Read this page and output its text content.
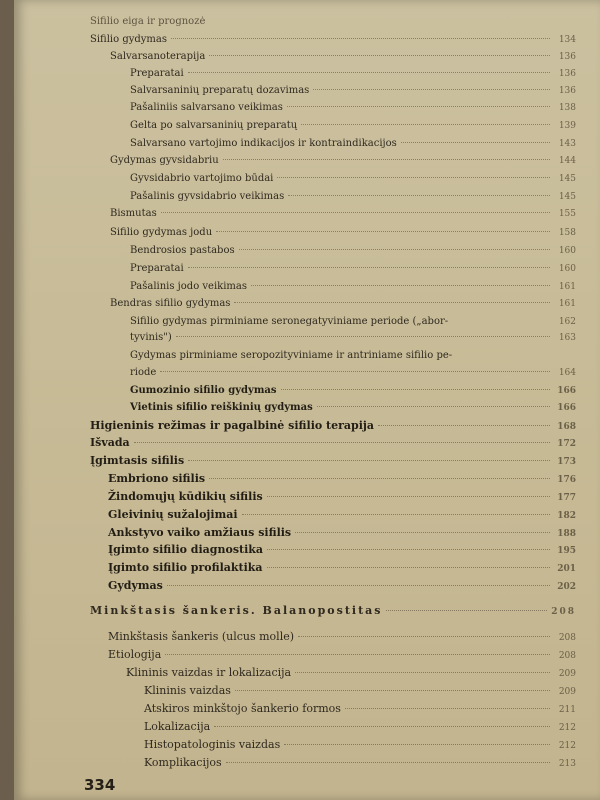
Sifilio eiga ir prognozė
Sifilio gydymas	134
Salvarsanoterapija	136
Preparatai	136
Salvarsaninių preparatų dozavimas	136
Pašaliniis salvarsano veikimas	138
Gelta po salvarsaninių preparatų	139
Salvarsano vartojimo indikacijos ir kontraindikacijos	143
Gydymas gyvsidabriu	144
Gyvsidabrio vartojimo būdai	145
Pašalinis gyvsidabrio veikimas	145
Bismutas	155
Sifilio gydymas jodu	158
Bendrosios pastabos	160
Preparatai	160
Pašalinis jodo veikimas	161
Bendras sifilio gydymas	161
Sifilio gydymas pirminiame seronegatyviniame periode („abor-	162
tyvinis")	163
Gydymas pirminiame seropozityviniame ir antriniame sifilio pe-
riode	164
Gumozinio sifilio gydymas	166
Vietinis sifilio reiškinių gydymas	166
Higieninis režimas ir pagalbinė sifilio terapija	168
Išvada	172
Įgimtasis sifilis	173
Embriono sifilis	176
Žindomųjų kūdikių sifilis	177
Gleivinių sužalojimai	182
Ankstyvo vaiko amžiaus sifilis	188
Įgimto sifilio diagnostika	195
Įgimto sifilio profilaktika	201
Gydymas	202
Minkštasis šankeris. Balanopostitas	208
Minkštasis šankeris (ulcus molle)	208
Etiologija	208
Klininis vaizdas ir lokalizacija	209
Klininis vaizdas	209
Atskiros minkštojo šankerio formos	211
Lokalizacija	212
Histopatologinis vaizdas	212
Komplikacijos	213
334
